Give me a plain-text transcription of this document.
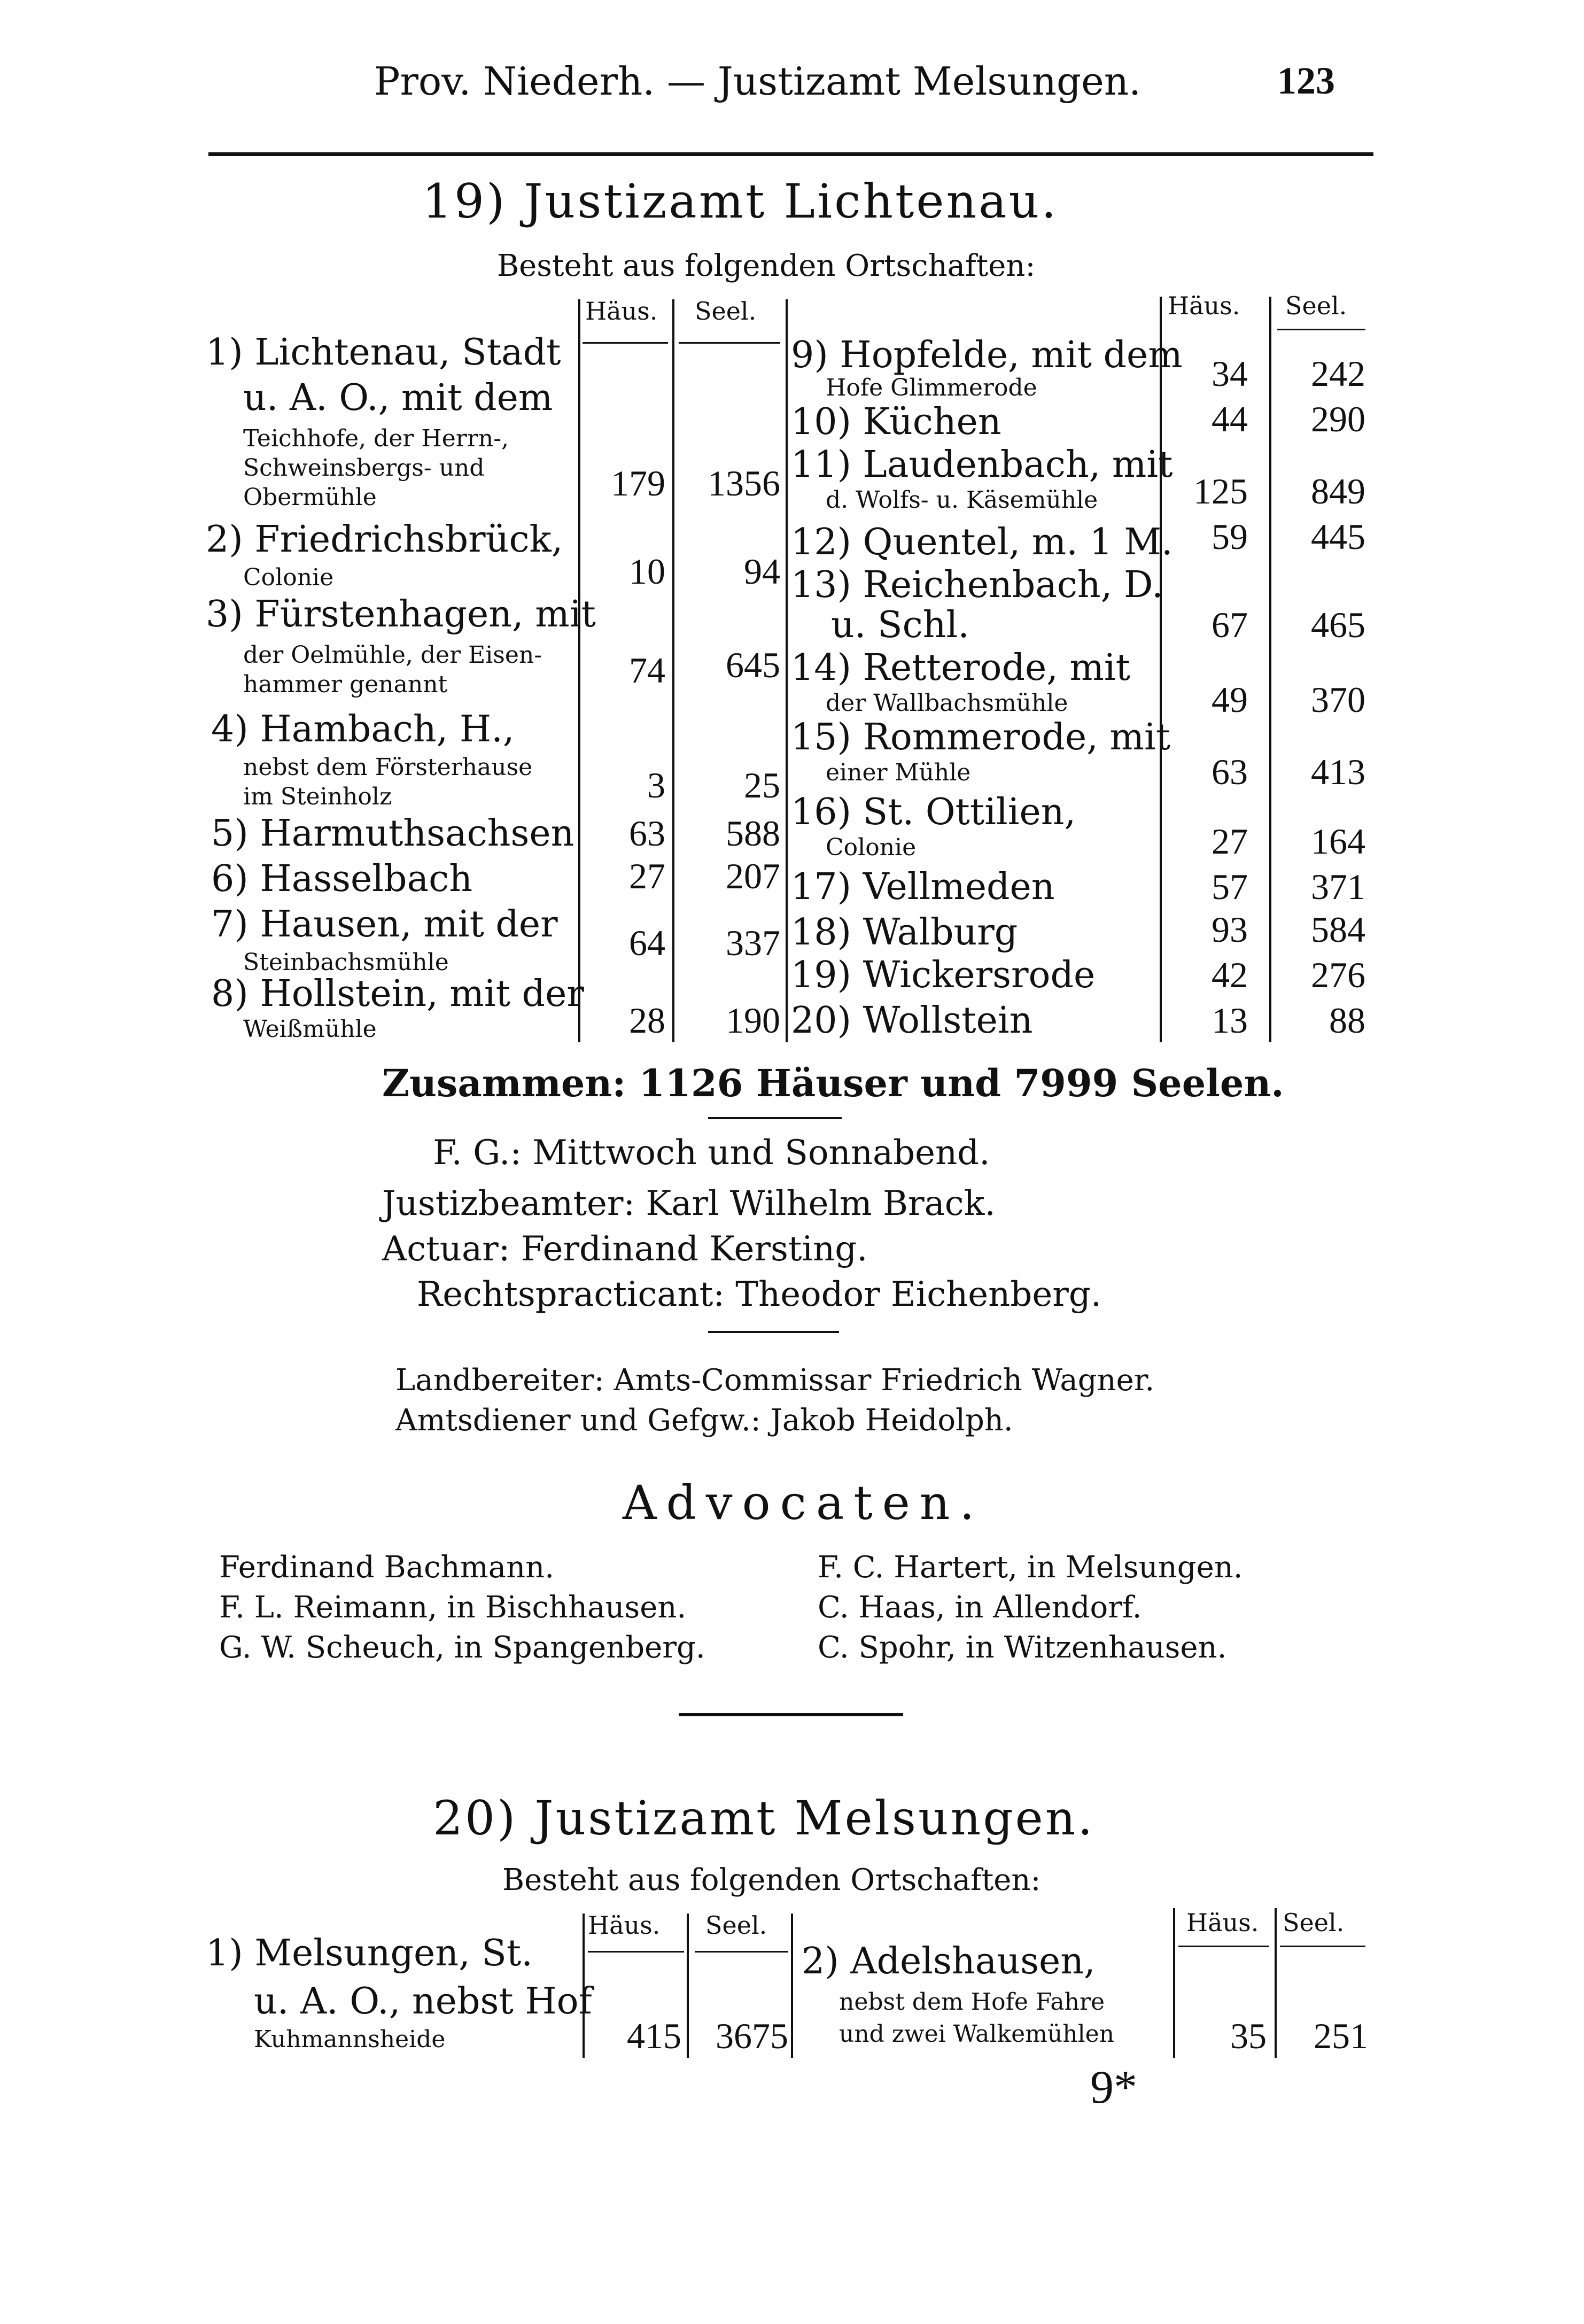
Prov. Niederh. — Justizamt Melsungen.	123
19) Justizamt Lichtenau.
Besteht aus folgenden Ortschaften:
Häus. Seel.	Häus. Seel.
1) Lichtenau, Stadt
u. A. O., mit dem
Teichhofe, der Herrn-,
Schweinsbergs- und
Obermühle	179	1356
2) Friedrichsbrück,
Colonie	10	94
3) Fürstenhagen, mit
der Oelmühle, der Eisen-
hammer genannt	74	645
4) Hambach, H.,
nebst dem Försterhause
im Steinholz	3	25
5) Harmuthsachsen	63	588
6) Hasselbach	27	207
7) Hausen, mit der
Steinbachsmühle	64	337
8) Hollstein, mit der
Weißmühle	28	190
9) Hopfelde, mit dem
Hofe Glimmerode	34	242
10) Küchen	44	290
11) Laudenbach, mit
d. Wolfs- u. Käsemühle	125	849
12) Quentel, m. 1 M.	59	445
13) Reichenbach, D.
u. Schl.	67	465
14) Retterode, mit
der Wallbachsmühle	49	370
15) Rommerode, mit
einer Mühle	63	413
16) St. Ottilien,
Colonie	27	164
17) Vellmeden	57	371
18) Walburg	93	584
19) Wickersrode	42	276
20) Wollstein	13	88
Zusammen: 1126 Häuser und 7999 Seelen.
F. G.: Mittwoch und Sonnabend.
Justizbeamter: Karl Wilhelm Brack.
Actuar: Ferdinand Kersting.
Rechtspracticant: Theodor Eichenberg.
Landbereiter: Amts-Commissar Friedrich Wagner.
Amtsdiener und Gefgw.: Jakob Heidolph.
Advocaten.
Ferdinand Bachmann.
F. L. Reimann, in Bischhausen.
G. W. Scheuch, in Spangenberg.
F. C. Hartert, in Melsungen.
C. Haas, in Allendorf.
C. Spohr, in Witzenhausen.
20) Justizamt Melsungen.
Besteht aus folgenden Ortschaften:
Häus. Seel.	Häus. Seel.
1) Melsungen, St.
u. A. O., nebst Hof
Kuhmannsheide	415 3675
2) Adelshausen,
nebst dem Hofe Fahre
und zwei Walkemühlen	35	251
9*
